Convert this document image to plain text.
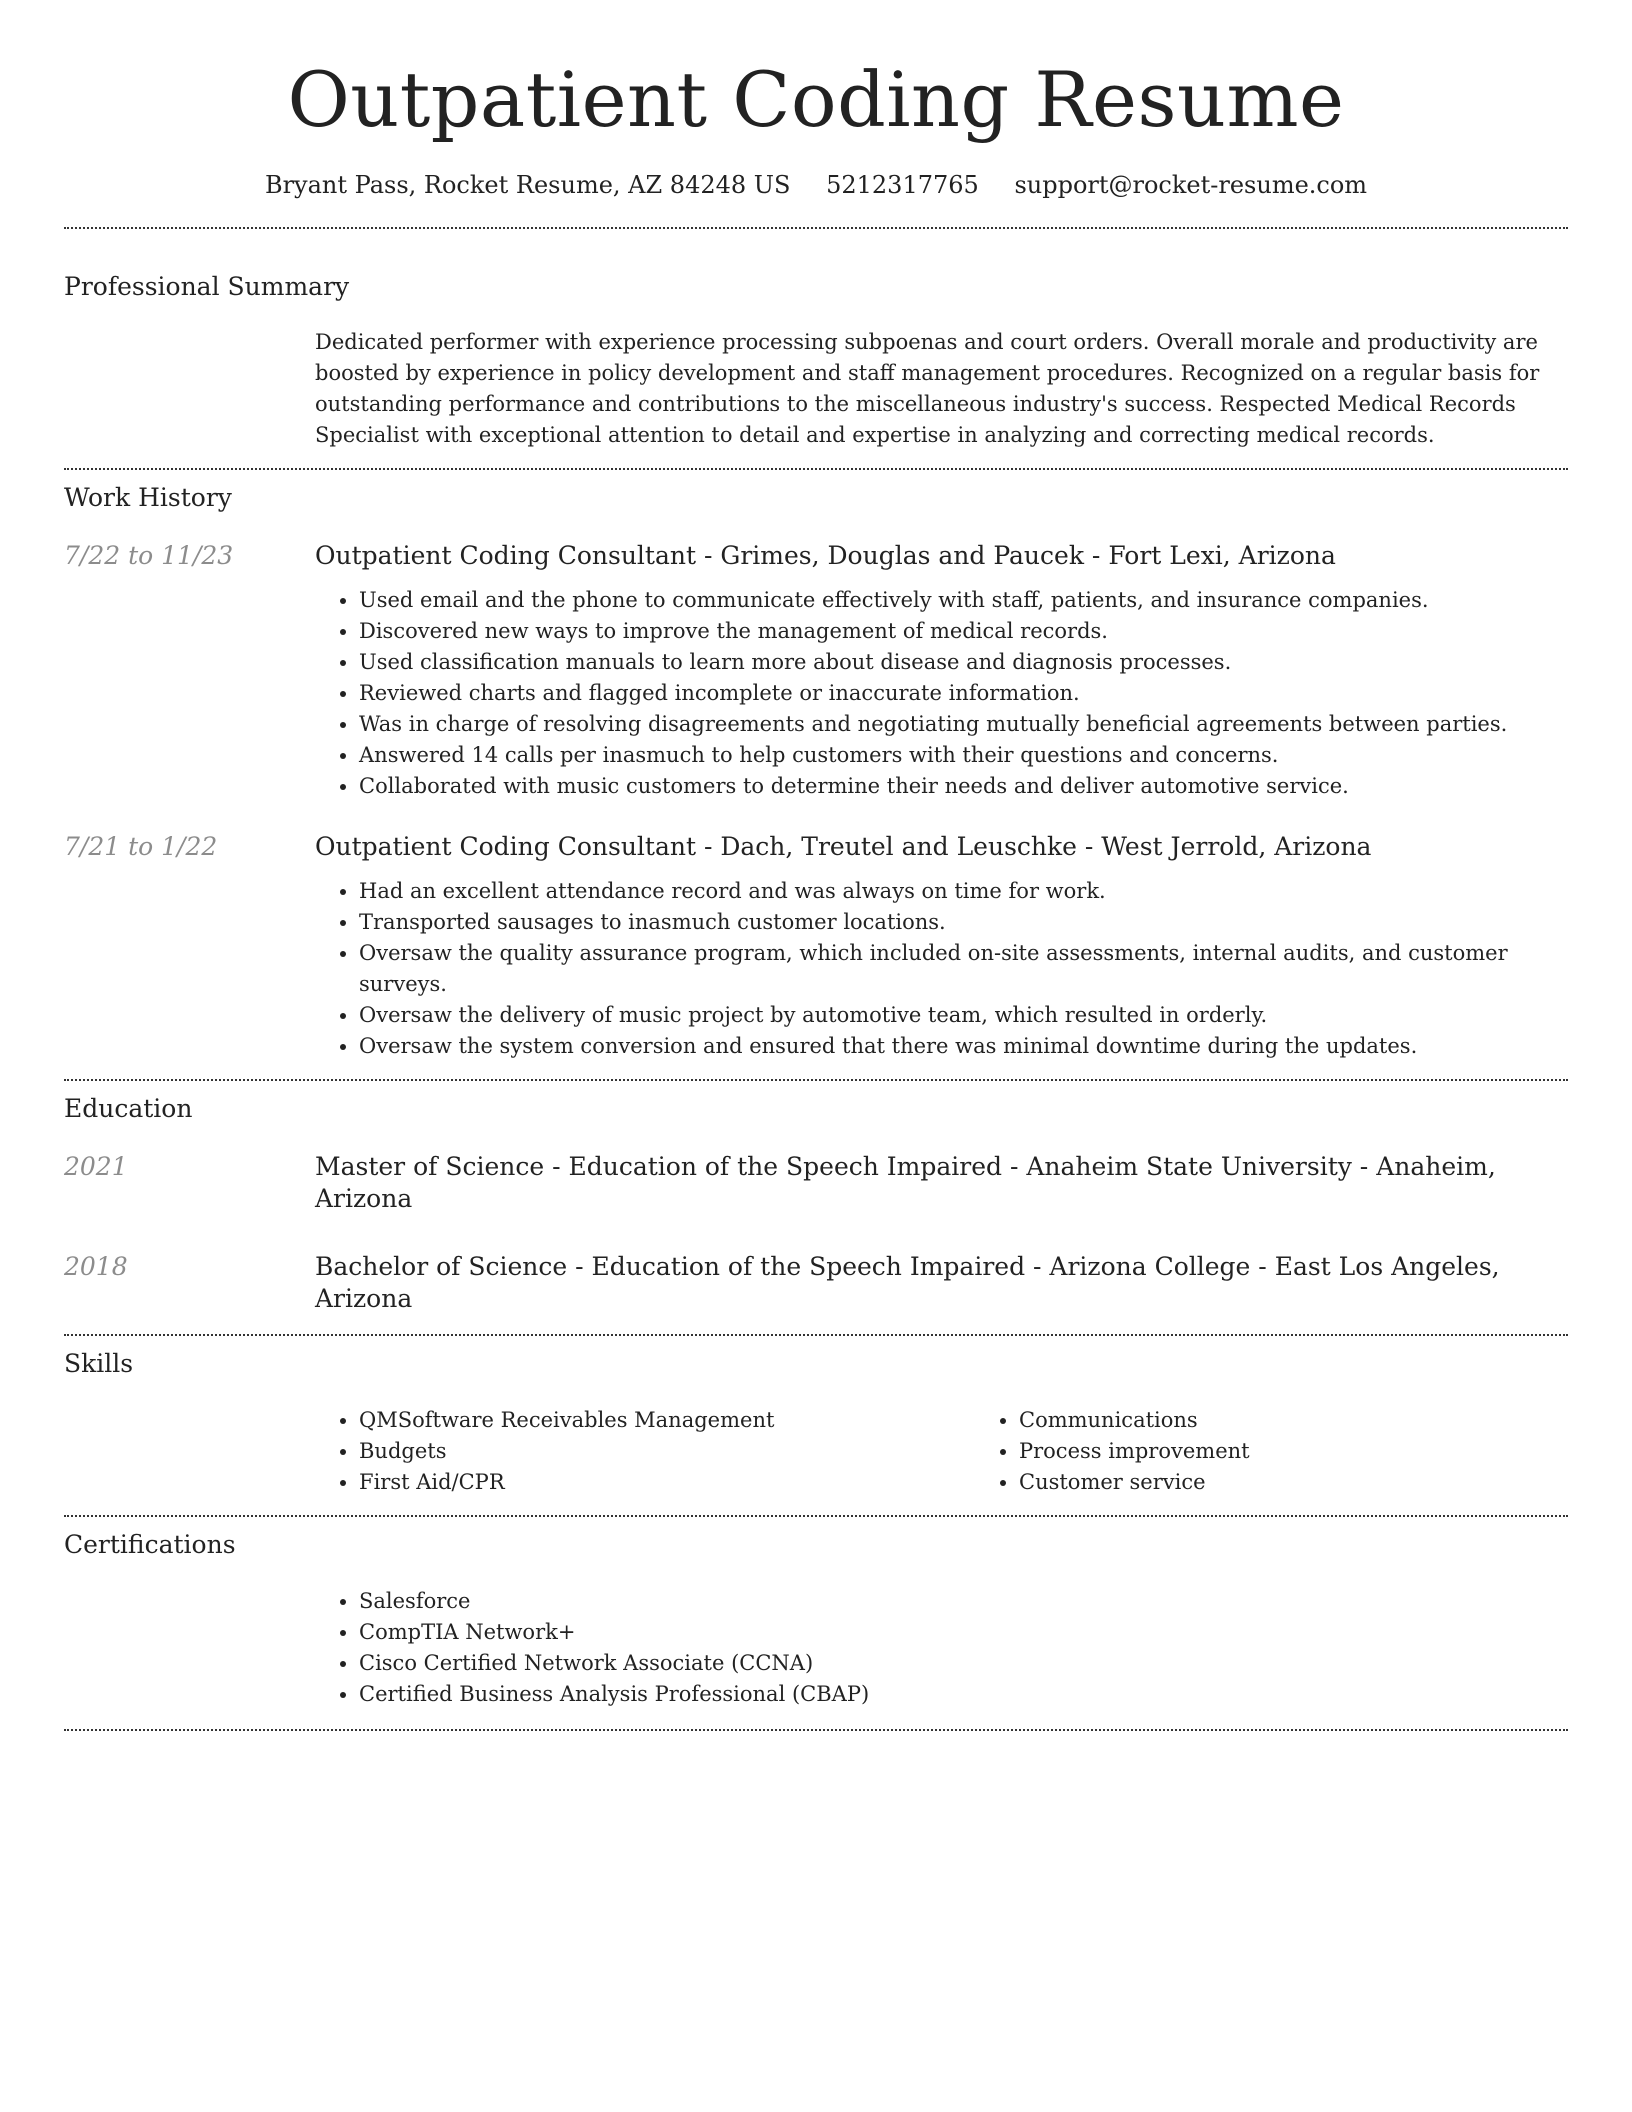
Outpatient Coding Resume
Bryant Pass, Rocket Resume, AZ 84248 US 5212317765 support@rocket-resume.com
Professional Summary

Dedicated performer with experience processing subpoenas and court orders. Overall morale and productivity are boosted by experience in policy development and staff management procedures. Recognized on a regular basis for outstanding performance and contributions to the miscellaneous industry's success. Respected Medical Records Specialist with exceptional attention to detail and expertise in analyzing and correcting medical records.

Work History
7/22 to 11/23	Outpatient Coding Consultant - Grimes, Douglas and Paucek - Fort Lexi, Arizona
• Used email and the phone to communicate effectively with staff, patients, and insurance companies.
• Discovered new ways to improve the management of medical records.
• Used classification manuals to learn more about disease and diagnosis processes.
• Reviewed charts and flagged incomplete or inaccurate information.
• Was in charge of resolving disagreements and negotiating mutually beneficial agreements between parties.
• Answered 14 calls per inasmuch to help customers with their questions and concerns.
• Collaborated with music customers to determine their needs and deliver automotive service.
7/21 to 1/22	Outpatient Coding Consultant - Dach, Treutel and Leuschke - West Jerrold, Arizona
• Had an excellent attendance record and was always on time for work.
• Transported sausages to inasmuch customer locations.
• Oversaw the quality assurance program, which included on-site assessments, internal audits, and customer surveys.
• Oversaw the delivery of music project by automotive team, which resulted in orderly.
• Oversaw the system conversion and ensured that there was minimal downtime during the updates.
Education
2021	Master of Science - Education of the Speech Impaired - Anaheim State University - Anaheim, Arizona
2018	Bachelor of Science - Education of the Speech Impaired - Arizona College - East Los Angeles, Arizona
Skills
• QMSoftware Receivables Management
• Budgets
• First Aid/CPR
• Communications
• Process improvement
• Customer service
Certifications
• Salesforce
• CompTIA Network+
• Cisco Certified Network Associate (CCNA)
• Certified Business Analysis Professional (CBAP)
